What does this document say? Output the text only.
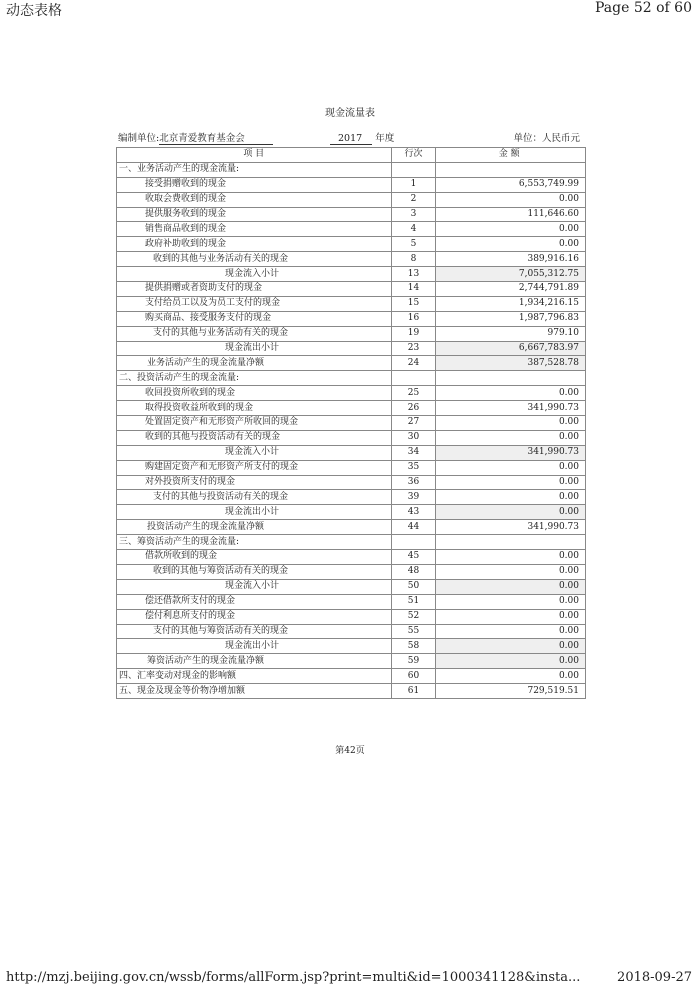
动态表格	Page 52 of 60
现金流量表
编制单位:北京青爱教育基金会	2017 年度	单位：人民币元
项 目	行次	金 额
一、业务活动产生的现金流量:		
接受捐赠收到的现金	1	6,553,749.99
收取会费收到的现金	2	0.00
提供服务收到的现金	3	111,646.60
销售商品收到的现金	4	0.00
政府补助收到的现金	5	0.00
收到的其他与业务活动有关的现金	8	389,916.16
现金流入小计	13	7,055,312.75
提供捐赠或者资助支付的现金	14	2,744,791.89
支付给员工以及为员工支付的现金	15	1,934,216.15
购买商品、接受服务支付的现金	16	1,987,796.83
支付的其他与业务活动有关的现金	19	979.10
现金流出小计	23	6,667,783.97
业务活动产生的现金流量净额	24	387,528.78
二、投资活动产生的现金流量:		
收回投资所收到的现金	25	0.00
取得投资收益所收到的现金	26	341,990.73
处置固定资产和无形资产所收回的现金	27	0.00
收到的其他与投资活动有关的现金	30	0.00
现金流入小计	34	341,990.73
购建固定资产和无形资产所支付的现金	35	0.00
对外投资所支付的现金	36	0.00
支付的其他与投资活动有关的现金	39	0.00
现金流出小计	43	0.00
投资活动产生的现金流量净额	44	341,990.73
三、筹资活动产生的现金流量:		
借款所收到的现金	45	0.00
收到的其他与筹资活动有关的现金	48	0.00
现金流入小计	50	0.00
偿还借款所支付的现金	51	0.00
偿付利息所支付的现金	52	0.00
支付的其他与筹资活动有关的现金	55	0.00
现金流出小计	58	0.00
筹资活动产生的现金流量净额	59	0.00
四、汇率变动对现金的影响额	60	0.00
五、现金及现金等价物净增加额	61	729,519.51
第42页
http://mzj.beijing.gov.cn/wssb/forms/allForm.jsp?print=multi&id=1000341128&insta...	2018-09-27
